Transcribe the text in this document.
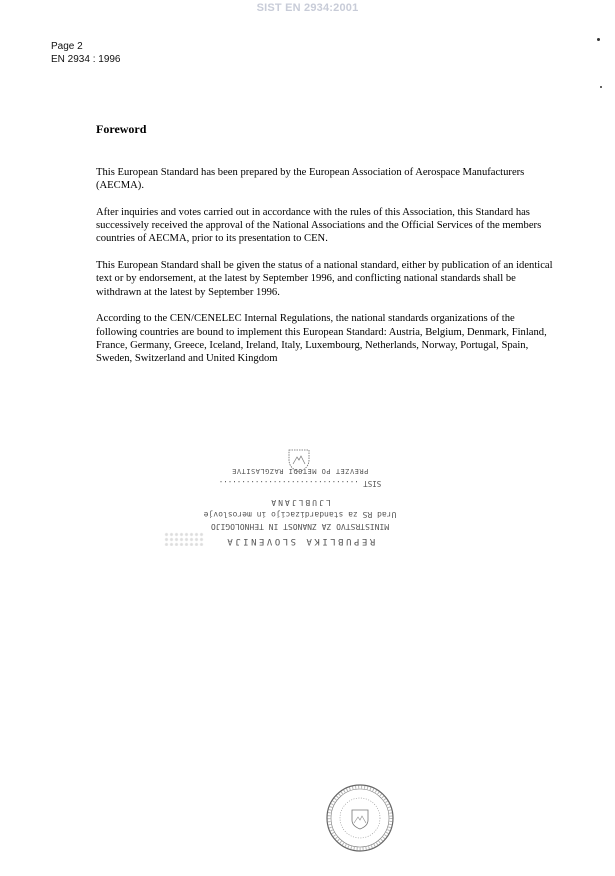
SIST EN 2934:2001
Page 2
EN 2934 : 1996
Foreword

This European Standard has been prepared by the European Association of Aerospace Manufacturers (AECMA).

After inquiries and votes carried out in accordance with the rules of this Association, this Standard has successively received the approval of the National Associations and the Official Services of the members countries of AECMA, prior to its presentation to CEN.

This European Standard shall be given the status of a national standard, either by publication of an identical text or by endorsement, at the latest by September 1996, and conflicting national standards shall be withdrawn at the latest by September 1996.

According to the CEN/CENELEC Internal Regulations, the national standards organizations of the following countries are bound to implement this European Standard: Austria, Belgium, Denmark, Finland, France, Germany, Greece, Iceland, Ireland, Italy, Luxembourg, Netherlands, Norway, Portugal, Spain, Sweden, Switzerland and United Kingdom

REPUBLIKA SLOVENIJA
MINISTRSTVO ZA ZNANOST IN TEHNOLOGIJO
Urad RS za standardizacijo in meroslovje
LJUBLJANA
SIST ...............................
PREVZET PO METODI RAZGLASITVE
